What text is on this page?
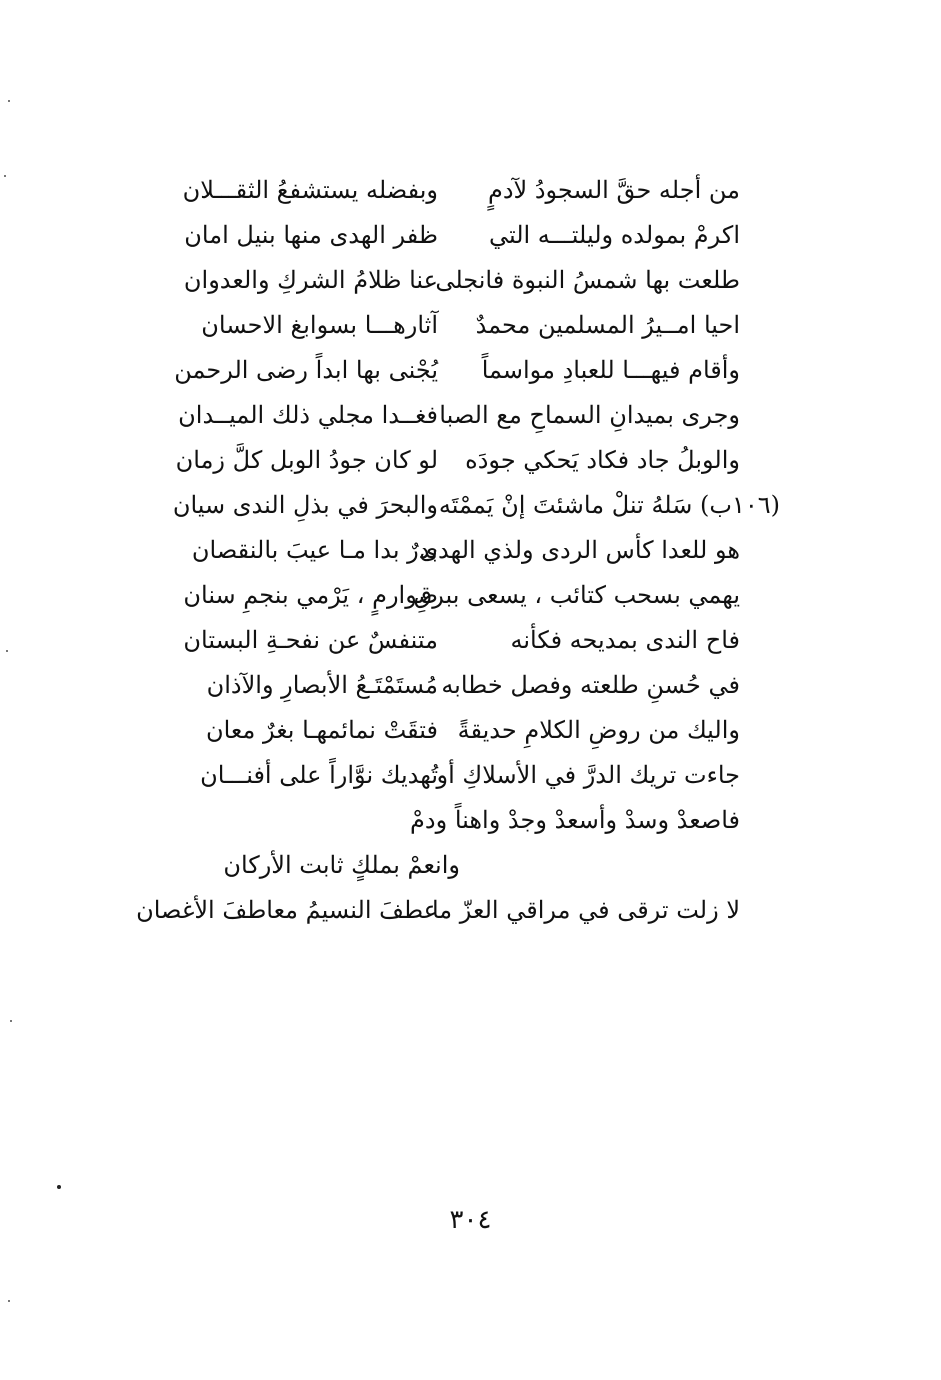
من أجله حقَّ السجودُ لآدمٍوبفضله يستشفعُ الثقـــلان
اكرمْ بمولده وليلتـــه التيظفر الهدى منها بنيل امان
طلعت بها شمسُ النبوة فانجلىعنا ظلامُ الشركِ والعدوان
احيا امــيرُ المسلمين محمدٌآثارهـــا بسوابغ الاحسان
وأقام فيهـــا للعبادِ مواسماًيُجْنى بها ابداً رضى الرحمن
وجرى بميدانِ السماحِ مع الصبافغــدا مجلي ذلك الميــدان
والوبلُ جاد فكاد يَحكي جودَهلو كان جودُ الوبل كلَّ زمان
(١٠٦ب) سَلهُ تنلْ ماشئتَ إنْ يَممْتَهوالبحرَ في بذلِ الندى سيان
هو للعدا كأس الردى ولذي الهدىبدرٌ بدا مـا عيبَ بالنقصان
يهمي بسحب كتائب ، يسعى ببرقِصوارمٍ ، يَرْمي بنجمِ سنان
فاح الندى بمديحه فكأنهمتنفسٌ عن نفحـةِ البستان
في حُسنِ طلعته وفصل خطابهمُستَمْتَـعُ الأبصارِ والآذان
واليك من روضِ الكلامِ حديقةًفتقَتْ نمائمهـا بغرٌ معان
جاءت تريك الدرَّ في الأسلاكِ أوتُهديك نوَّاراً على أفنـــان
فاصعدْ وسدْ وأسعدْ وجدْ واهناً ودمْ
وانعمْ بملكٍ ثابت الأركان
لا زلت ترقى في مراقي العزّ ماعطفَ النسيمُ معاطفَ الأغصان
٣٠٤
